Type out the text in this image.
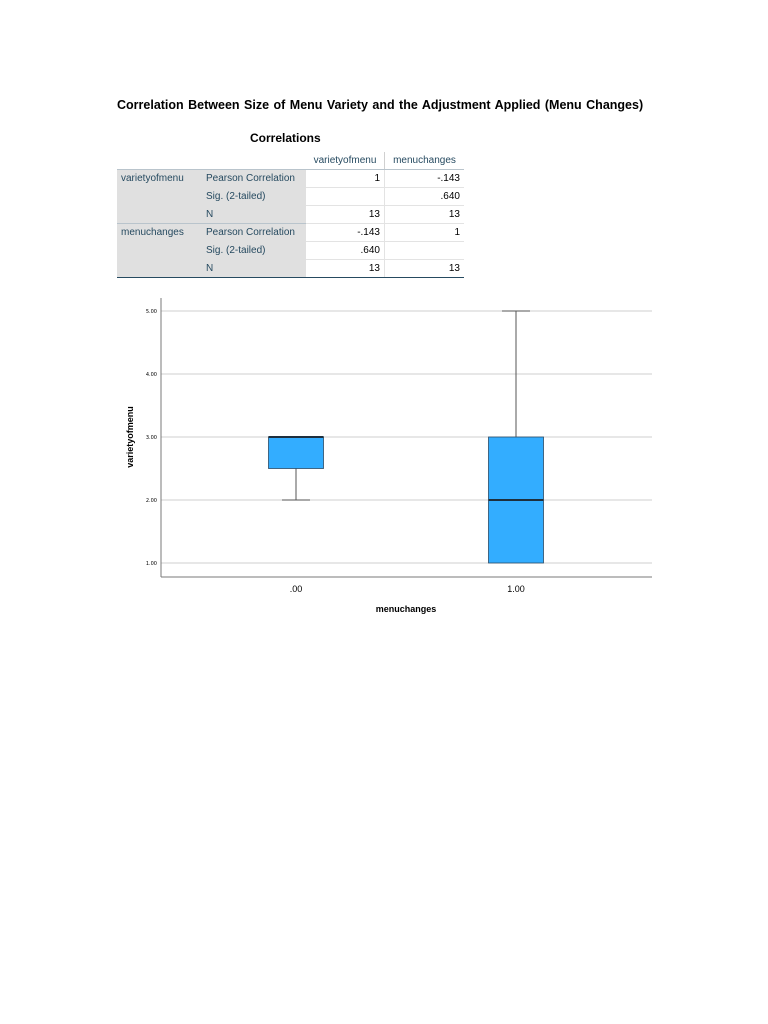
Correlation Between Size of Menu Variety and the Adjustment Applied (Menu Changes)
Correlations
		varietyofmenu	menuchanges
varietyofmenu	Pearson Correlation	1	-.143
	Sig. (2-tailed)		.640
	N	13	13
menuchanges	Pearson Correlation	-.143	1
	Sig. (2-tailed)	.640	
	N	13	13
1.00
2.00
3.00
4.00
5.00
.00	1.00
menuchanges
varietyofmenu
